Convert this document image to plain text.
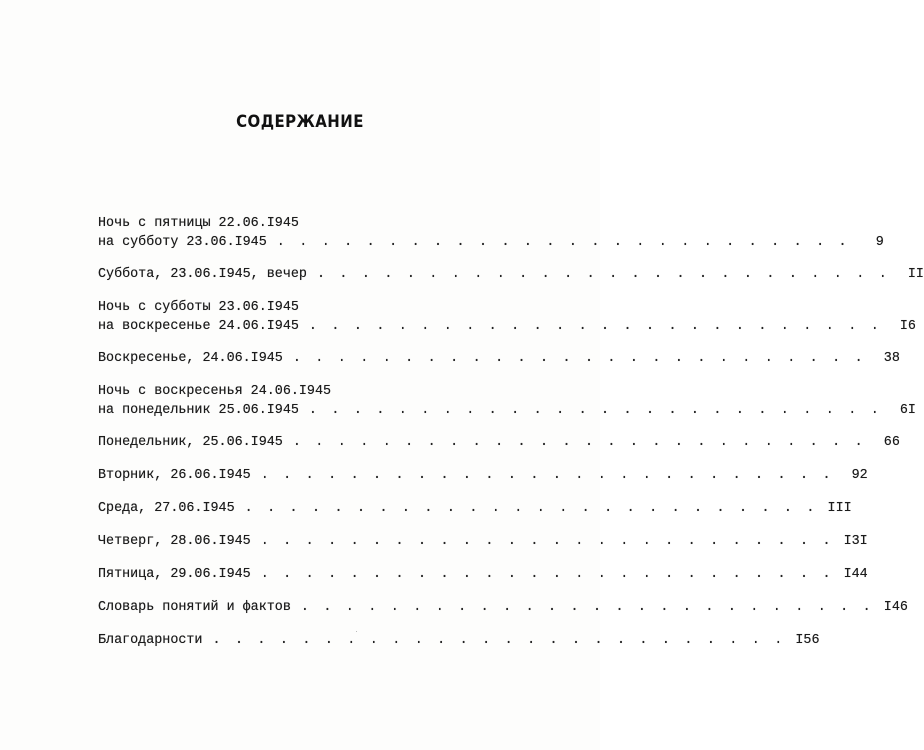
СОДЕРЖАНИЕ
Ночь с пятницы 22.06.I945
на субботу 23.06.I945 . . . . . . . . . . . . . . . . . . . . . . . . . .	9
Суббота, 23.06.I945, вечер . . . . . . . . . . . . . . . . . . . . . . . . . .	II
Ночь с субботы 23.06.I945
на воскресенье 24.06.I945 . . . . . . . . . . . . . . . . . . . . . . . . . .	I6
Воскресенье, 24.06.I945 . . . . . . . . . . . . . . . . . . . . . . . . . .	38
Ночь с воскресенья 24.06.I945
на понедельник 25.06.I945 . . . . . . . . . . . . . . . . . . . . . . . . . .	6I
Понедельник, 25.06.I945 . . . . . . . . . . . . . . . . . . . . . . . . . .	66
Вторник, 26.06.I945 . . . . . . . . . . . . . . . . . . . . . . . . . .	92
Среда, 27.06.I945 . . . . . . . . . . . . . . . . . . . . . . . . . . III
Четверг, 28.06.I945 . . . . . . . . . . . . . . . . . . . . . . . . . . I3I
Пятница, 29.06.I945 . . . . . . . . . . . . . . . . . . . . . . . . . . I44
Словарь понятий и фактов . . . . . . . . . . . . . . . . . . . . . . . . . . I46
Благодарности . . . . . . . . . . . . . . . . . . . . . . . . . . I56
